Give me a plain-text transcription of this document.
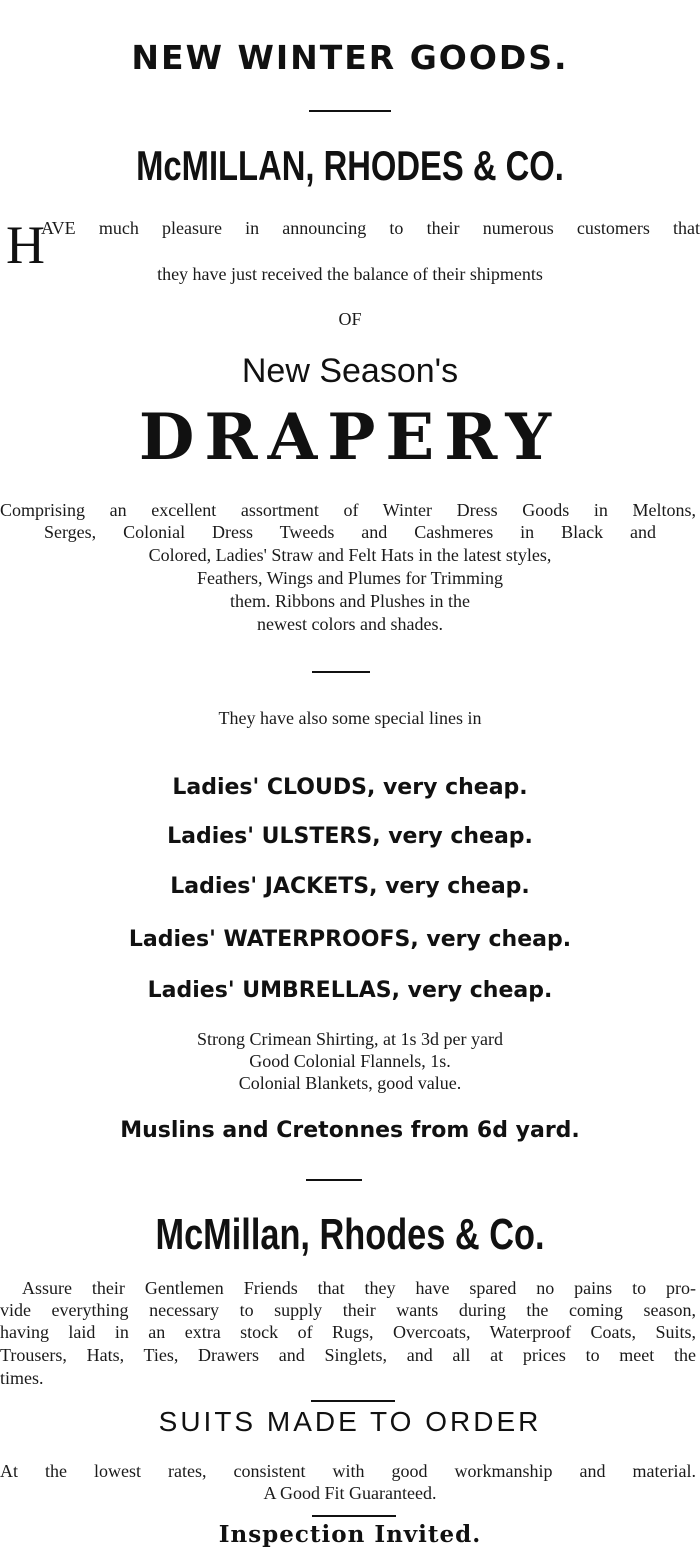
NEW WINTER GOODS.
McMILLAN, RHODES & CO.
H
AVE much pleasure in announcing to their numerous customers that
they have just received the balance of their shipments
OF
New Season's
DRAPERY
Comprising an excellent assortment of Winter Dress Goods in Meltons,
Serges, Colonial Dress Tweeds and Cashmeres in Black and
Colored, Ladies' Straw and Felt Hats in the latest styles,
Feathers, Wings and Plumes for Trimming
them. Ribbons and Plushes in the
newest colors and shades.
They have also some special lines in
Ladies' CLOUDS, very cheap.
Ladies' ULSTERS, very cheap.
Ladies' JACKETS, very cheap.
Ladies' WATERPROOFS, very cheap.
Ladies' UMBRELLAS, very cheap.
Strong Crimean Shirting, at 1s 3d per yard
Good Colonial Flannels, 1s.
Colonial Blankets, good value.
Muslins and Cretonnes from 6d yard.
McMillan, Rhodes & Co.
Assure their Gentlemen Friends that they have spared no pains to pro-
vide everything necessary to supply their wants during the coming season,
having laid in an extra stock of Rugs, Overcoats, Waterproof Coats, Suits,
Trousers, Hats, Ties, Drawers and Singlets, and all at prices to meet the
times.
SUITS MADE TO ORDER
At the lowest rates, consistent with good workmanship and material.
A Good Fit Guaranteed.
Inspection Invited.
